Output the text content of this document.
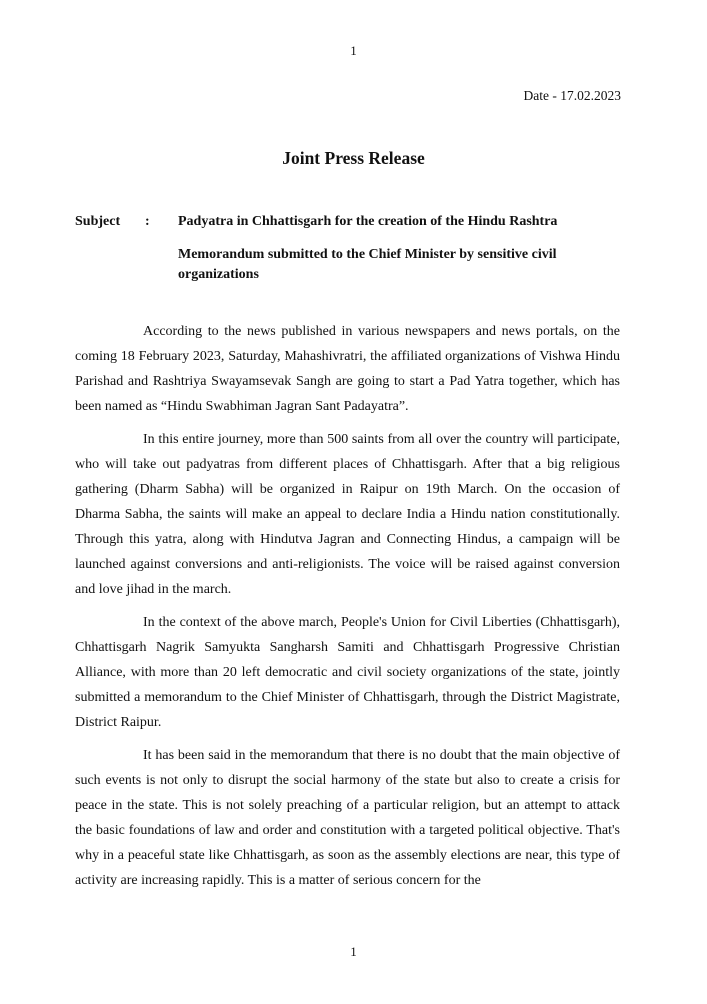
1
Date - 17.02.2023
Joint Press Release
Subject : Padyatra in Chhattisgarh for the creation of the Hindu Rashtra
Memorandum submitted to the Chief Minister by sensitive civil organizations

According to the news published in various newspapers and news portals, on the coming 18 February 2023, Saturday, Mahashivratri, the affiliated organizations of Vishwa Hindu Parishad and Rashtriya Swayamsevak Sangh are going to start a Pad Yatra together, which has been named as “Hindu Swabhiman Jagran Sant Padayatra”.

In this entire journey, more than 500 saints from all over the country will participate, who will take out padyatras from different places of Chhattisgarh. After that a big religious gathering (Dharm Sabha) will be organized in Raipur on 19th March. On the occasion of Dharma Sabha, the saints will make an appeal to declare India a Hindu nation constitutionally. Through this yatra, along with Hindutva Jagran and Connecting Hindus, a campaign will be launched against conversions and anti-religionists. The voice will be raised against conversion and love jihad in the march.

In the context of the above march, People's Union for Civil Liberties (Chhattisgarh), Chhattisgarh Nagrik Samyukta Sangharsh Samiti and Chhattisgarh Progressive Christian Alliance, with more than 20 left democratic and civil society organizations of the state, jointly submitted a memorandum to the Chief Minister of Chhattisgarh, through the District Magistrate, District Raipur.

It has been said in the memorandum that there is no doubt that the main objective of such events is not only to disrupt the social harmony of the state but also to create a crisis for peace in the state. This is not solely preaching of a particular religion, but an attempt to attack the basic foundations of law and order and constitution with a targeted political objective. That's why in a peaceful state like Chhattisgarh, as soon as the assembly elections are near, this type of activity are increasing rapidly. This is a matter of serious concern for the

1
